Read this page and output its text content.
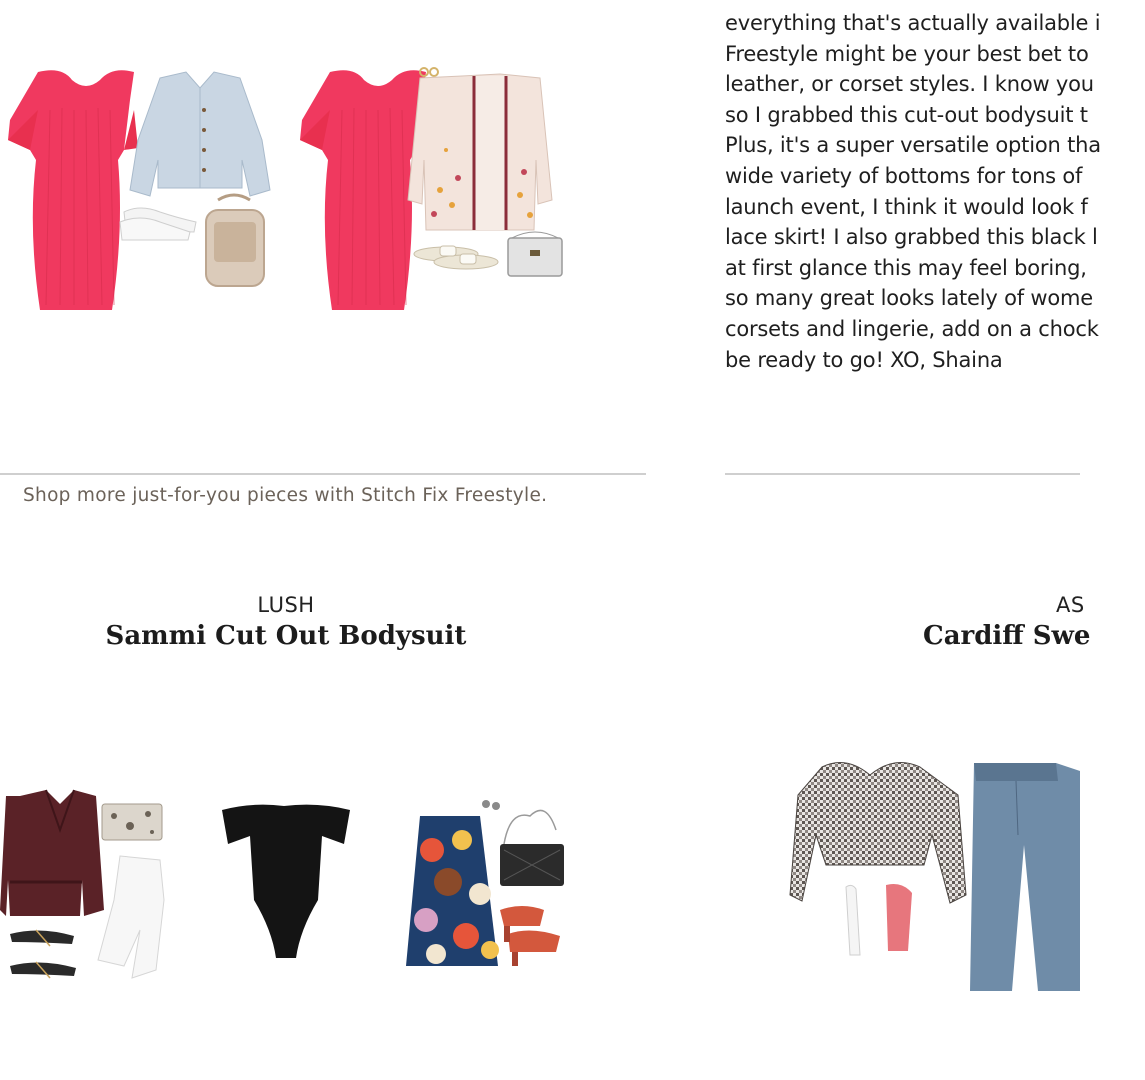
everything that's actually available i
Freestyle might be your best bet to
leather, or corset styles. I know you
so I grabbed this cut-out bodysuit t
Plus, it's a super versatile option tha
wide variety of bottoms for tons of
launch event, I think it would look f
lace skirt! I also grabbed this black l
at first glance this may feel boring,
so many great looks lately of wome
corsets and lingerie, add on a chock
be ready to go! XO, Shaina
Shop more just-for-you pieces with Stitch Fix Freestyle.
LUSH
Sammi Cut Out Bodysuit
AS
Cardiff Swe
